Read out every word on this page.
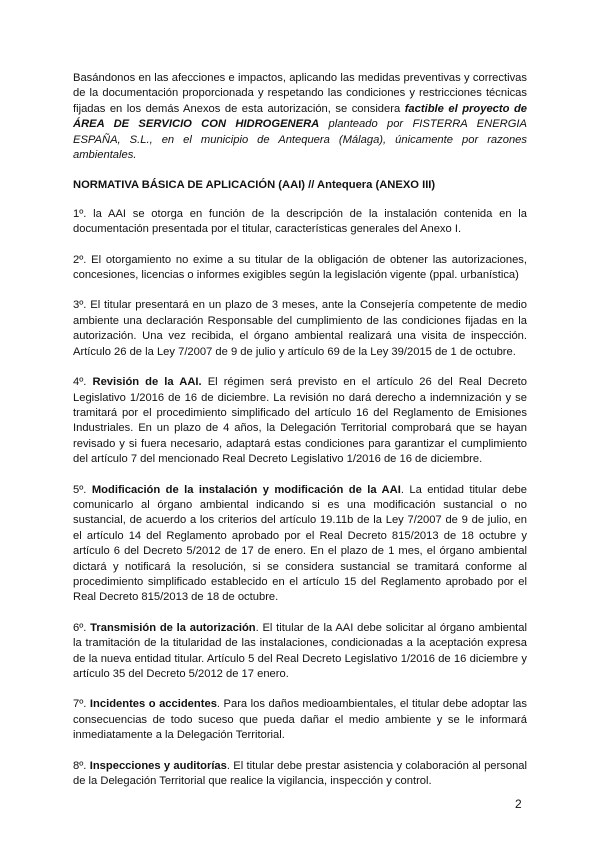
Basándonos en las afecciones e impactos, aplicando las medidas preventivas y correctivas de la documentación proporcionada y respetando las condiciones y restricciones técnicas fijadas en los demás Anexos de esta autorización, se considera factible el proyecto de ÁREA DE SERVICIO CON HIDROGENERA planteado por FISTERRA ENERGIA ESPAÑA, S.L., en el municipio de Antequera (Málaga), únicamente por razones ambientales.

NORMATIVA BÁSICA DE APLICACIÓN (AAI) // Antequera (ANEXO III)

1º. la AAI se otorga en función de la descripción de la instalación contenida en la documentación presentada por el titular, características generales del Anexo I.

2º. El otorgamiento no exime a su titular de la obligación de obtener las autorizaciones, concesiones, licencias o informes exigibles según la legislación vigente (ppal. urbanística)

3º. El titular presentará en un plazo de 3 meses, ante la Consejería competente de medio ambiente una declaración Responsable del cumplimiento de las condiciones fijadas en la autorización. Una vez recibida, el órgano ambiental realizará una visita de inspección. Artículo 26 de la Ley 7/2007 de 9 de julio y artículo 69 de la Ley 39/2015 de 1 de octubre.

4º. Revisión de la AAI. El régimen será previsto en el artículo 26 del Real Decreto Legislativo 1/2016 de 16 de diciembre. La revisión no dará derecho a indemnización y se tramitará por el procedimiento simplificado del artículo 16 del Reglamento de Emisiones Industriales. En un plazo de 4 años, la Delegación Territorial comprobará que se hayan revisado y si fuera necesario, adaptará estas condiciones para garantizar el cumplimiento del artículo 7 del mencionado Real Decreto Legislativo 1/2016 de 16 de diciembre.

5º. Modificación de la instalación y modificación de la AAI. La entidad titular debe comunicarlo al órgano ambiental indicando si es una modificación sustancial o no sustancial, de acuerdo a los criterios del artículo 19.11b de la Ley 7/2007 de 9 de julio, en el artículo 14 del Reglamento aprobado por el Real Decreto 815/2013 de 18 octubre y artículo 6 del Decreto 5/2012 de 17 de enero. En el plazo de 1 mes, el órgano ambiental dictará y notificará la resolución, si se considera sustancial se tramitará conforme al procedimiento simplificado establecido en el artículo 15 del Reglamento aprobado por el Real Decreto 815/2013 de 18 de octubre.

6º. Transmisión de la autorización. El titular de la AAI debe solicitar al órgano ambiental la tramitación de la titularidad de las instalaciones, condicionadas a la aceptación expresa de la nueva entidad titular. Artículo 5 del Real Decreto Legislativo 1/2016 de 16 diciembre y artículo 35 del Decreto 5/2012 de 17 enero.

7º. Incidentes o accidentes. Para los daños medioambientales, el titular debe adoptar las consecuencias de todo suceso que pueda dañar el medio ambiente y se le informará inmediatamente a la Delegación Territorial.

8º. Inspecciones y auditorías. El titular debe prestar asistencia y colaboración al personal de la Delegación Territorial que realice la vigilancia, inspección y control.

2
